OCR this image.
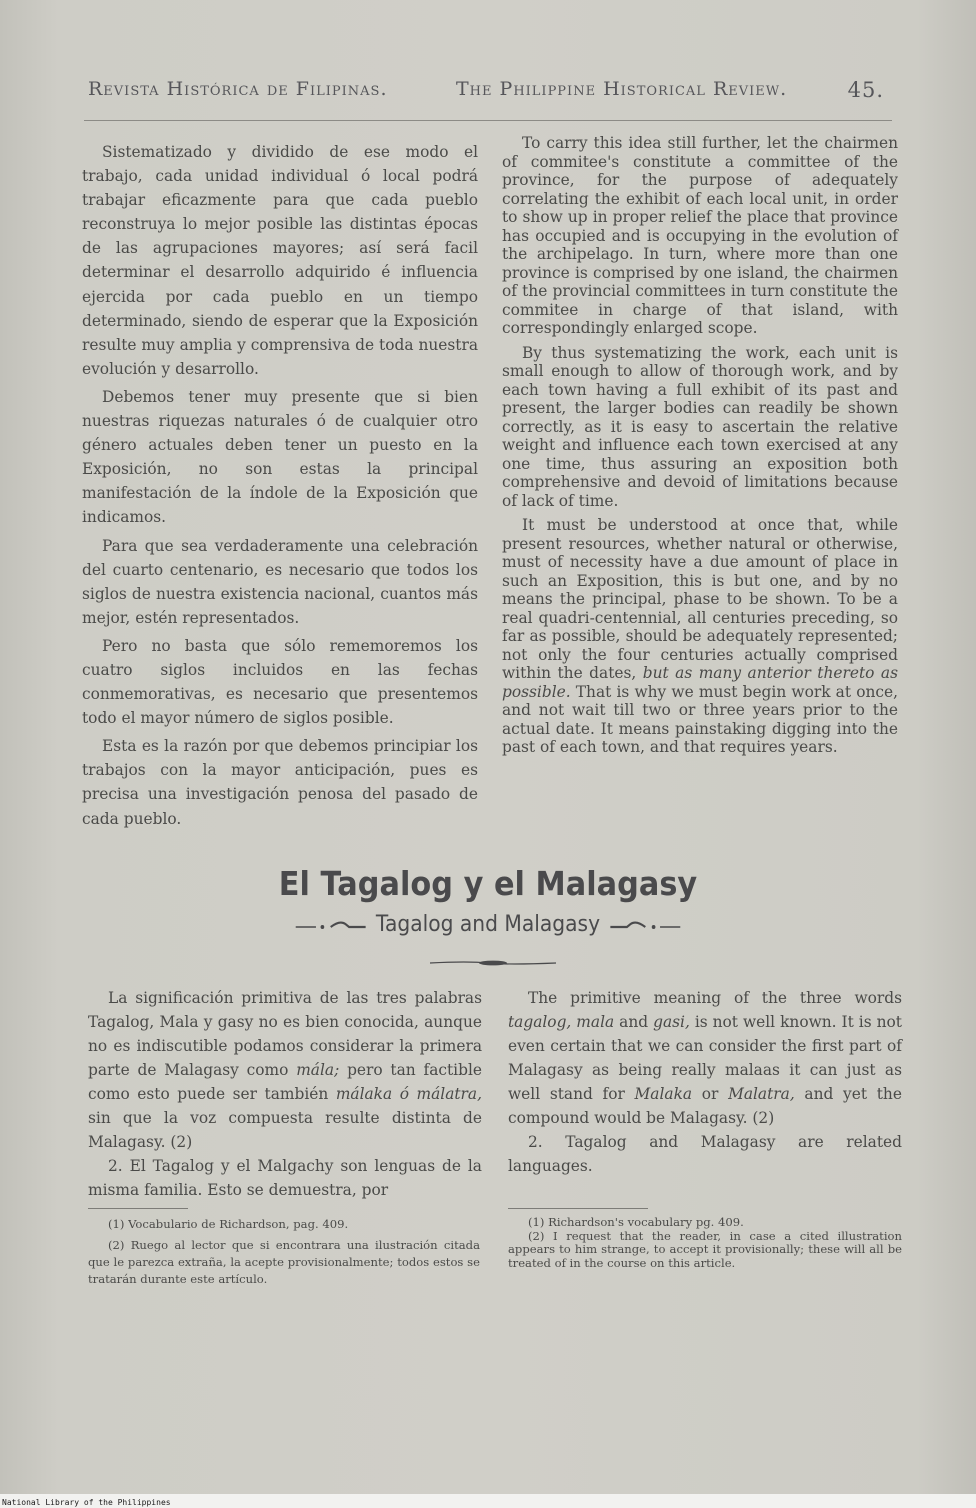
Revista Histórica de Filipinas.	The Philippine Historical Review.	45.

Sistematizado y dividido de ese modo el trabajo, cada unidad individual ó local podrá trabajar eficazmente para que cada pueblo reconstruya lo mejor posible las distintas épocas de las agrupaciones mayores; así será facil determinar el desarrollo adquirido é influencia ejercida por cada pueblo en un tiempo determinado, siendo de esperar que la Exposición resulte muy amplia y comprensiva de toda nuestra evolución y desarrollo.

Debemos tener muy presente que si bien nuestras riquezas naturales ó de cualquier otro género actuales deben tener un puesto en la Exposición, no son estas la principal manifestación de la índole de la Exposición que indicamos.

Para que sea verdaderamente una celebración del cuarto centenario, es necesario que todos los siglos de nuestra existencia nacional, cuantos más mejor, estén representados.

Pero no basta que sólo rememoremos los cuatro siglos incluidos en las fechas conmemorativas, es necesario que presentemos todo el mayor número de siglos posible.

Esta es la razón por que debemos principiar los trabajos con la mayor anticipación, pues es precisa una investigación penosa del pasado de cada pueblo.

To carry this idea still further, let the chairmen of commitee's constitute a committee of the province, for the purpose of adequately correlating the exhibit of each local unit, in order to show up in proper relief the place that province has occupied and is occupying in the evolution of the archipelago. In turn, where more than one province is comprised by one island, the chairmen of the provincial committees in turn constitute the commitee in charge of that island, with correspondingly enlarged scope.

By thus systematizing the work, each unit is small enough to allow of thorough work, and by each town having a full exhibit of its past and present, the larger bodies can readily be shown correctly, as it is easy to ascertain the relative weight and influence each town exercised at any one time, thus assuring an exposition both comprehensive and devoid of limitations because of lack of time.

It must be understood at once that, while present resources, whether natural or otherwise, must of necessity have a due amount of place in such an Exposition, this is but one, and by no means the principal, phase to be shown. To be a real quadri-centennial, all centuries preceding, so far as possible, should be adequately represented; not only the four centuries actually comprised within the dates, but as many anterior thereto as possible. That is why we must begin work at once, and not wait till two or three years prior to the actual date. It means painstaking digging into the past of each town, and that requires years.

El Tagalog y el Malagasy
Tagalog and Malagasy

La significación primitiva de las tres palabras Tagalog, Mala y gasy no es bien conocida, aunque no es indiscutible podamos considerar la primera parte de Malagasy como mála; pero tan factible como esto puede ser también málaka ó málatra, sin que la voz compuesta resulte distinta de Malagasy. (2)

2. El Tagalog y el Malgachy son lenguas de la misma familia. Esto se demuestra, por

The primitive meaning of the three words tagalog, mala and gasi, is not well known. It is not even certain that we can consider the first part of Malagasy as being really malaas it can just as well stand for Malaka or Malatra, and yet the compound would be Malagasy. (2)

2. Tagalog and Malagasy are related languages.

(1) Vocabulario de Richardson, pag. 409.

(2) Ruego al lector que si encontrara una ilustración citada que le parezca extraña, la acepte provisionalmente; todos estos se tratarán durante este artículo.

(1) Richardson's vocabulary pg. 409.

(2) I request that the reader, in case a cited illustration appears to him strange, to accept it provisionally; these will all be treated of in the course on this article.

National Library of the Philippines
